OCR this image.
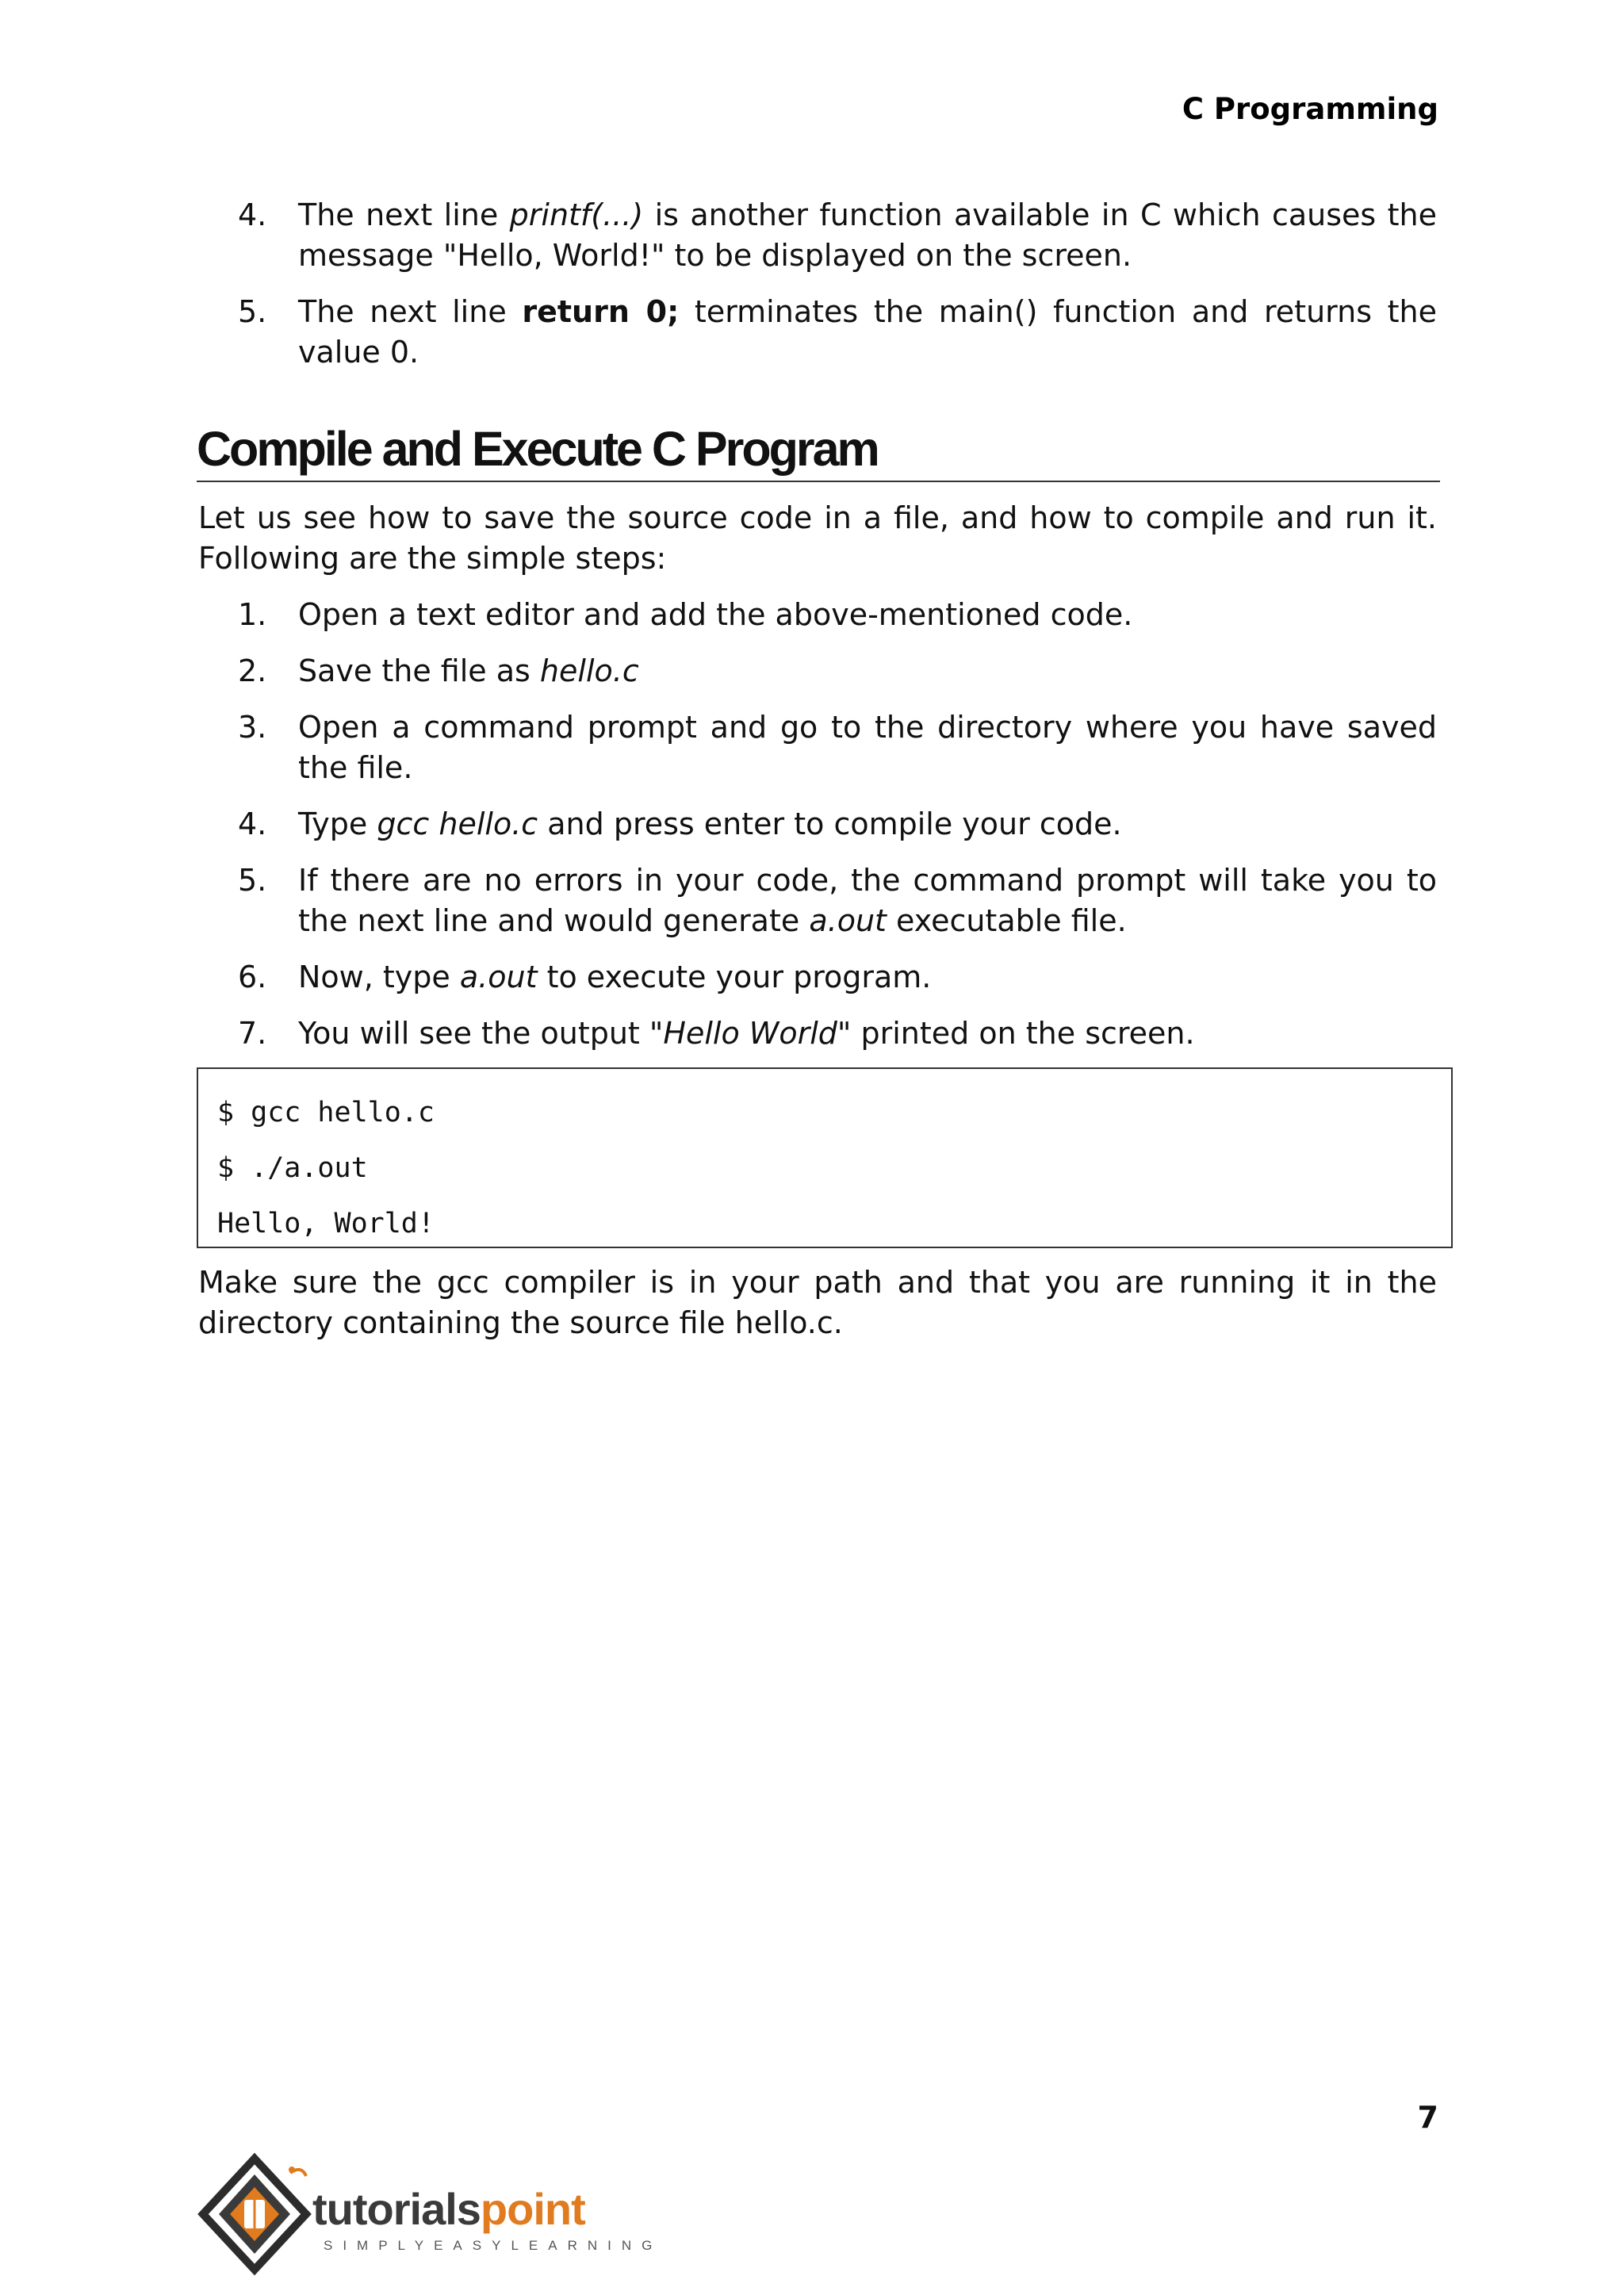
C Programming
4. The next line printf(...) is another function available in C which causes the message "Hello, World!" to be displayed on the screen.
5. The next line return 0; terminates the main() function and returns the value 0.
Compile and Execute C Program
Let us see how to save the source code in a file, and how to compile and run it. Following are the simple steps:
1. Open a text editor and add the above-mentioned code.
2. Save the file as hello.c
3. Open a command prompt and go to the directory where you have saved the file.
4. Type gcc hello.c and press enter to compile your code.
5. If there are no errors in your code, the command prompt will take you to the next line and would generate a.out executable file.
6. Now, type a.out to execute your program.
7. You will see the output "Hello World" printed on the screen.
$ gcc hello.c
$ ./a.out
Hello, World!
Make sure the gcc compiler is in your path and that you are running it in the directory containing the source file hello.c.
7
tutorialspoint
SIMPLYEASYLEARNING
